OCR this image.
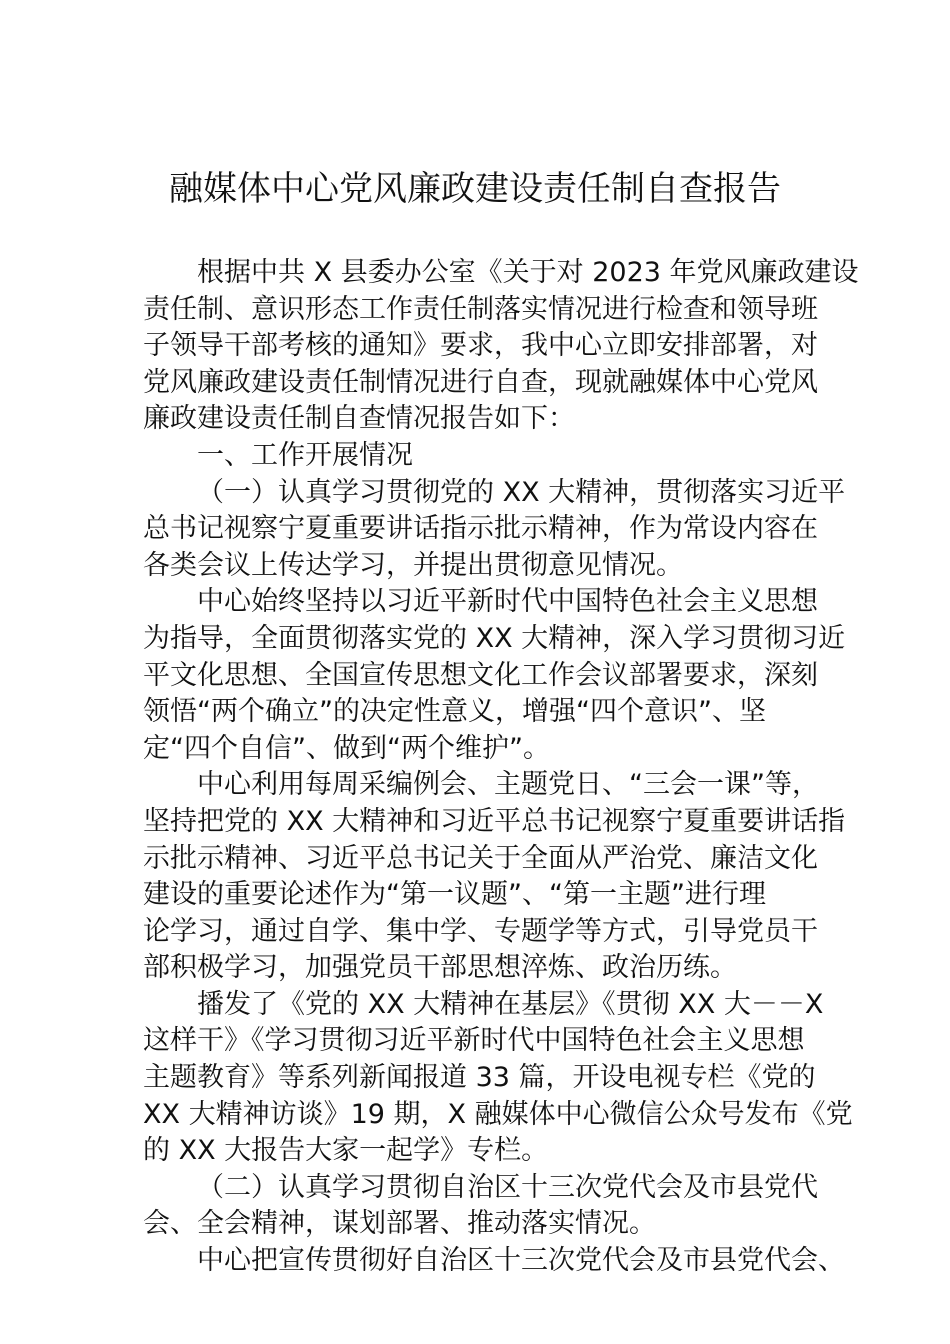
融媒体中心党风廉政建设责任制自查报告
根据中共 X 县委办公室《关于对 2023 年党风廉政建设
责任制、意识形态工作责任制落实情况进行检查和领导班
子领导干部考核的通知》要求，我中心立即安排部署，对
党风廉政建设责任制情况进行自查，现就融媒体中心党风
廉政建设责任制自查情况报告如下：
一、工作开展情况
（一）认真学习贯彻党的 XX 大精神，贯彻落实习近平
总书记视察宁夏重要讲话指示批示精神，作为常设内容在
各类会议上传达学习，并提出贯彻意见情况。
中心始终坚持以习近平新时代中国特色社会主义思想
为指导，全面贯彻落实党的 XX 大精神，深入学习贯彻习近
平文化思想、全国宣传思想文化工作会议部署要求，深刻
领悟“两个确立”的决定性意义，增强“四个意识”、坚
定“四个自信”、做到“两个维护”。
中心利用每周采编例会、主题党日、“三会一课”等，
坚持把党的 XX 大精神和习近平总书记视察宁夏重要讲话指
示批示精神、习近平总书记关于全面从严治党、廉洁文化
建设的重要论述作为“第一议题”、“第一主题”进行理
论学习，通过自学、集中学、专题学等方式，引导党员干
部积极学习，加强党员干部思想淬炼、政治历练。
播发了《党的 XX 大精神在基层》《贯彻 XX 大－－X
这样干》《学习贯彻习近平新时代中国特色社会主义思想
主题教育》等系列新闻报道 33 篇，开设电视专栏《党的
XX 大精神访谈》19 期，X 融媒体中心微信公众号发布《党
的 XX 大报告大家一起学》专栏。
（二）认真学习贯彻自治区十三次党代会及市县党代
会、全会精神，谋划部署、推动落实情况。
中心把宣传贯彻好自治区十三次党代会及市县党代会、
